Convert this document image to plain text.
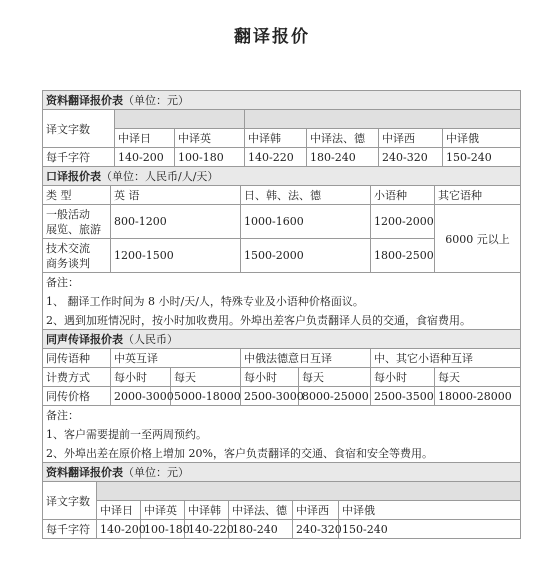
翻译报价
资料翻译报价表（单位：元）						
译文字数						
	中译日	中译英	中译韩	中译法、德	中译西	中译俄
每千字符	140-200	100-180	140-220	180-240	240-320	150-240
口译报价表（单位：人民币/人/天）				
类 型	英 语	日、韩、法、德	小语种	其它语种

一般活动
展览、旅游	800-1200	1000-1600	1200-2000	6000 元以上

技术交流
商务谈判	1200-1500	1500-2000	1800-2500	
备注：				
1、 翻译工作时间为 8 小时/天/人，特殊专业及小语种价格面议。				
2、遇到加班情况时，按小时加收费用。外埠出差客户负责翻译人员的交通，食宿费用。				
同声传译报价表（人民币）						
同传语种	中英互译		中俄法德意日互译		中、其它小语种互译	
计费方式	每小时	每天	每小时	每天	每小时	每天
同传价格	2000-3000	5000-18000	2500-3000	8000-25000	2500-3500	18000-28000
备注：						
1、客户需要提前一至两周预约。						
2、外埠出差在原价格上增加 20%，客户负责翻译的交通、食宿和安全等费用。						
资料翻译报价表（单位：元）						
译文字数						
	中译日	中译英	中译韩	中译法、德	中译西	中译俄
每千字符	140-200	100-180	140-220	180-240	240-320	150-240
